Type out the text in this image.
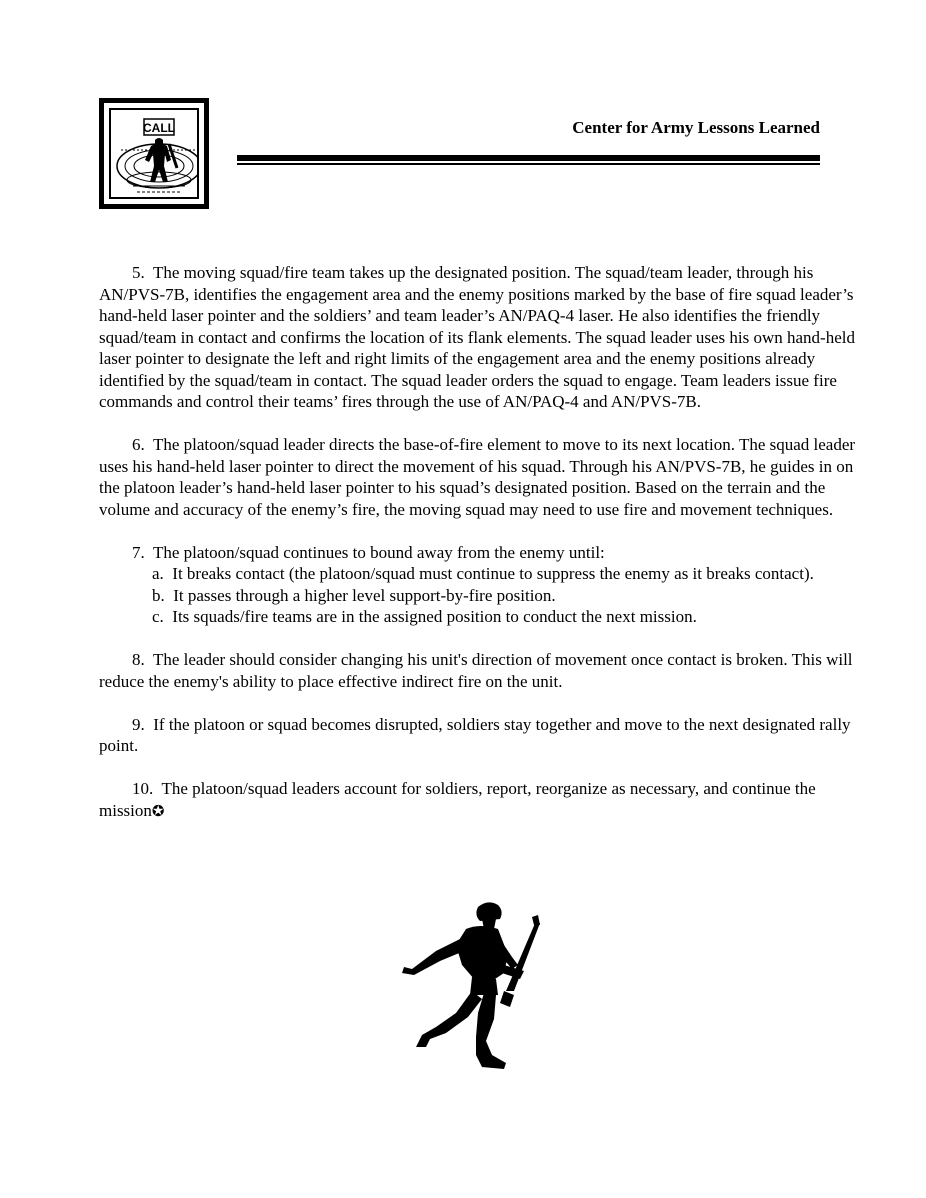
CALL	Center for Army Lessons Learned

5. The moving squad/fire team takes up the designated position. The squad/team leader, through his AN/PVS-7B, identifies the engagement area and the enemy positions marked by the base of fire squad leader’s hand-held laser pointer and the soldiers’ and team leader’s AN/PAQ-4 laser. He also identifies the friendly squad/team in contact and confirms the location of its flank elements. The squad leader uses his own hand-held laser pointer to designate the left and right limits of the engagement area and the enemy positions already identified by the squad/team in contact. The squad leader orders the squad to engage. Team leaders issue fire commands and control their teams’ fires through the use of AN/PAQ-4 and AN/PVS-7B.

6. The platoon/squad leader directs the base-of-fire element to move to its next location. The squad leader uses his hand-held laser pointer to direct the movement of his squad. Through his AN/PVS-7B, he guides in on the platoon leader’s hand-held laser pointer to his squad’s designated position. Based on the terrain and the volume and accuracy of the enemy’s fire, the moving squad may need to use fire and movement techniques.

7. The platoon/squad continues to bound away from the enemy until:

a. It breaks contact (the platoon/squad must continue to suppress the enemy as it breaks contact).

b. It passes through a higher level support-by-fire position.

c. Its squads/fire teams are in the assigned position to conduct the next mission.

8. The leader should consider changing his unit's direction of movement once contact is broken. This will reduce the enemy's ability to place effective indirect fire on the unit.

9. If the platoon or squad becomes disrupted, soldiers stay together and move to the next designated rally point.

10. The platoon/squad leaders account for soldiers, report, reorganize as necessary, and continue the mission✪
